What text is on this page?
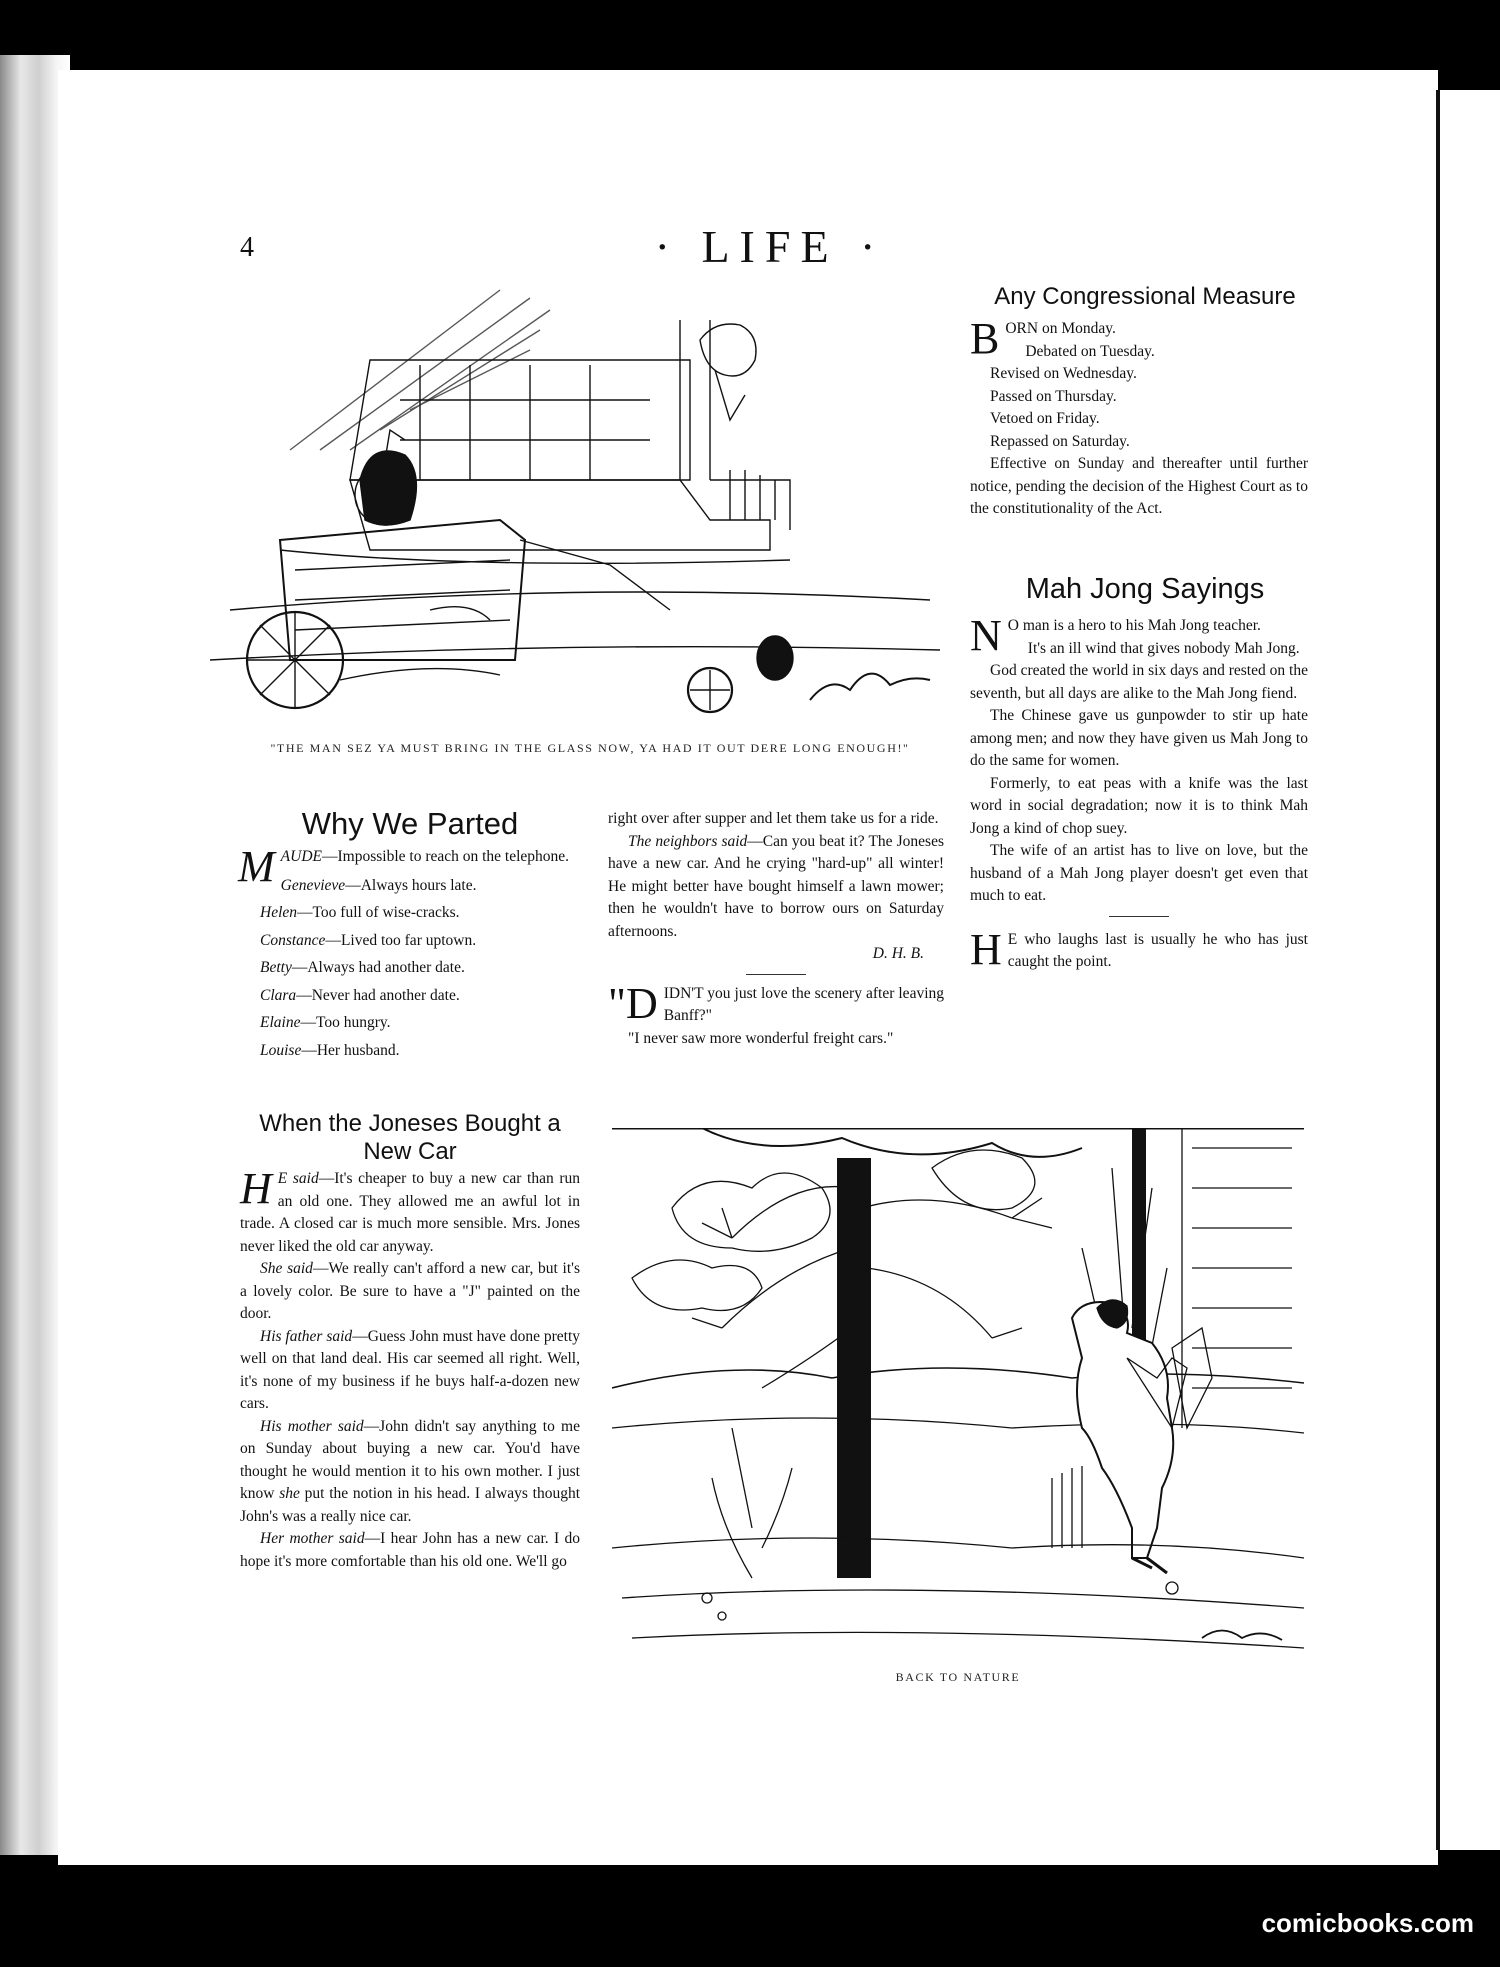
4	· LIFE ·
"THE MAN SEZ YA MUST BRING IN THE GLASS NOW, YA HAD IT OUT DERE LONG ENOUGH!"
Any Congressional Measure
B ORN on Monday.

Debated on Tuesday.

Revised on Wednesday.

Passed on Thursday.

Vetoed on Friday.

Repassed on Saturday.

Effective on Sunday and thereafter until further notice, pending the decision of the Highest Court as to the constitutionality of the Act.

Mah Jong Sayings
N O man is a hero to his Mah Jong teacher.

It's an ill wind that gives nobody Mah Jong.

God created the world in six days and rested on the seventh, but all days are alike to the Mah Jong fiend.

The Chinese gave us gunpowder to stir up hate among men; and now they have given us Mah Jong to do the same for women.

Formerly, to eat peas with a knife was the last word in social degradation; now it is to think Mah Jong a kind of chop suey.

The wife of an artist has to live on love, but the husband of a Mah Jong player doesn't get even that much to eat.

H E who laughs last is usually he who has just caught the point.

Why We Parted
M AUDE—Impossible to reach on the telephone.

Genevieve—Always hours late.

Helen—Too full of wise-cracks.

Constance—Lived too far uptown.

Betty—Always had another date.

Clara—Never had another date.

Elaine—Too hungry.

Louise—Her husband.

When the Joneses Bought a New Car
H E said—It's cheaper to buy a new car than run an old one. They allowed me an awful lot in trade. A closed car is much more sensible. Mrs. Jones never liked the old car anyway.

She said—We really can't afford a new car, but it's a lovely color. Be sure to have a "J" painted on the door.

His father said—Guess John must have done pretty well on that land deal. His car seemed all right. Well, it's none of my business if he buys half-a-dozen new cars.

His mother said—John didn't say anything to me on Sunday about buying a new car. You'd have thought he would mention it to his own mother. I just know she put the notion in his head. I always thought John's was a really nice car.

Her mother said—I hear John has a new car. I do hope it's more comfortable than his old one. We'll go

right over after supper and let them take us for a ride.

The neighbors said—Can you beat it? The Joneses have a new car. And he crying "hard-up" all winter! He might better have bought himself a lawn mower; then he wouldn't have to borrow ours on Saturday afternoons.

D. H. B.

"D IDN'T you just love the scenery after leaving Banff?"

"I never saw more wonderful freight cars."

BACK TO NATURE
comicbooks.com
